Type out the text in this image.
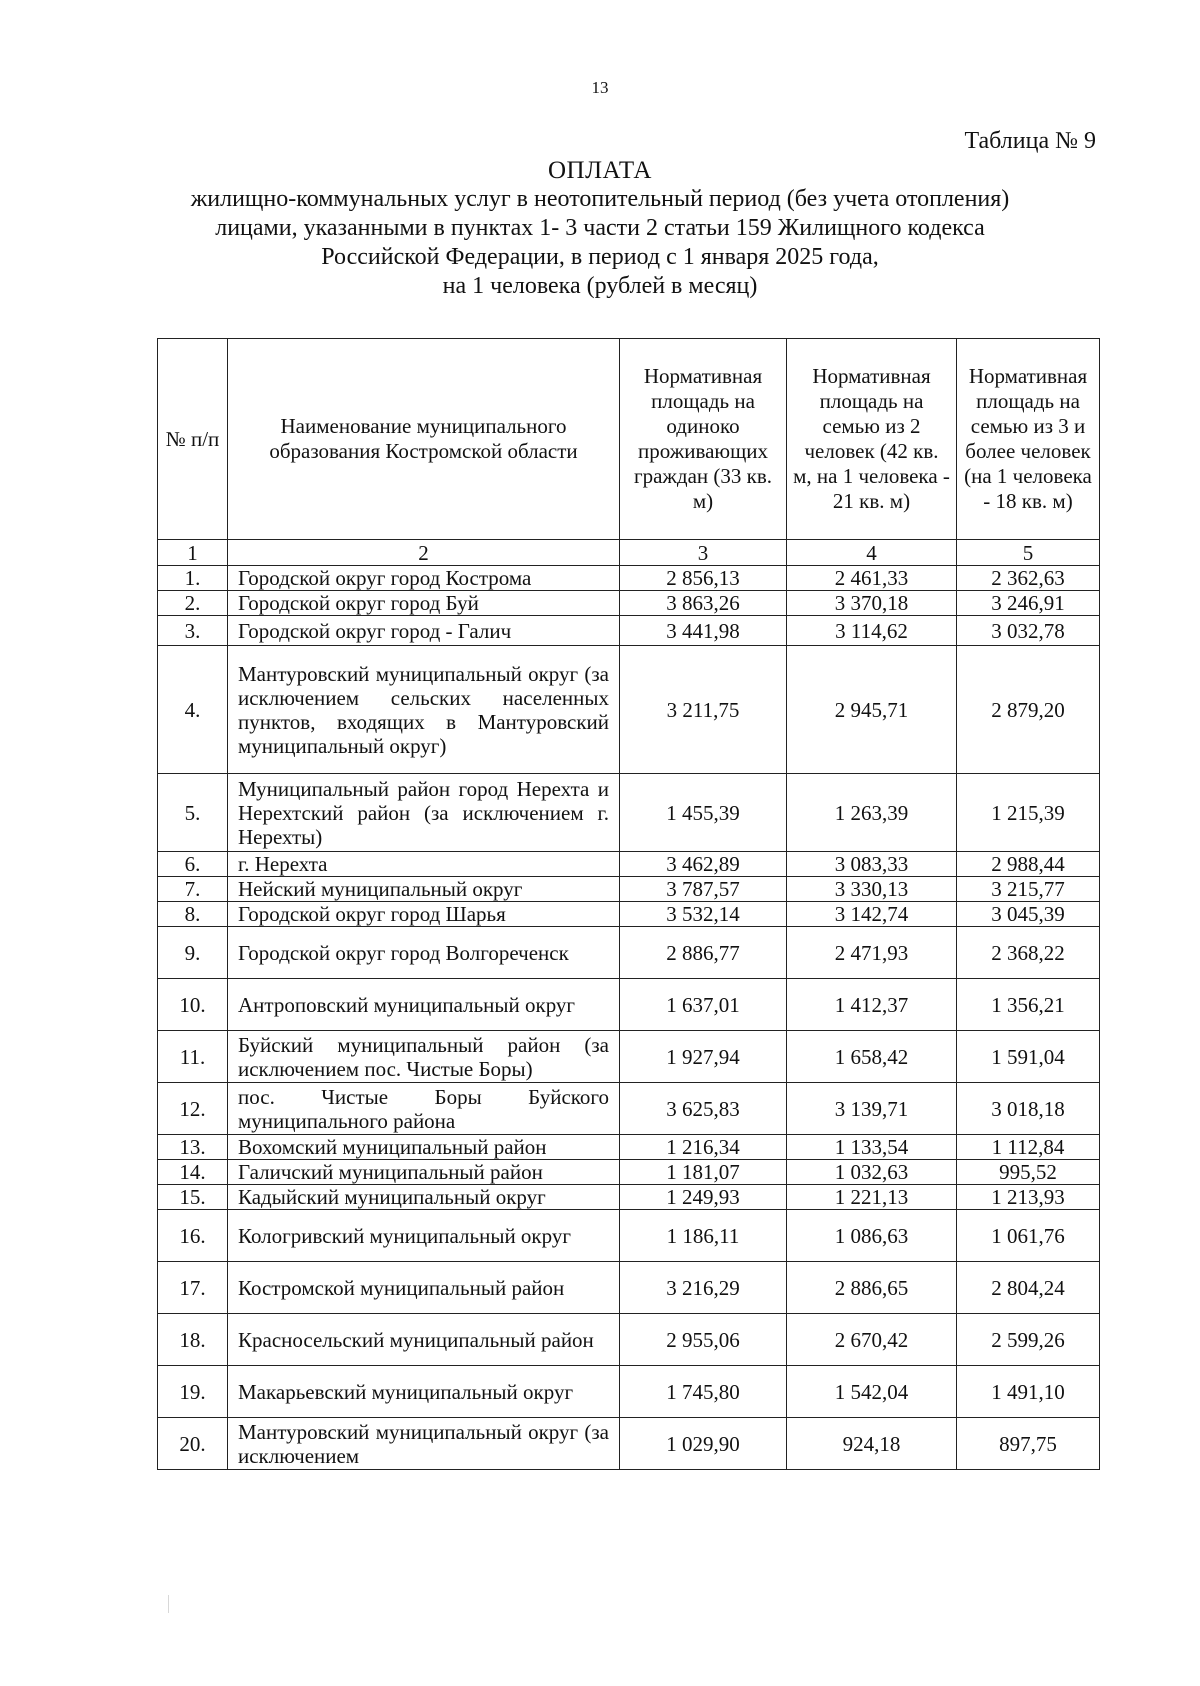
13
Таблица № 9
ОПЛАТА
жилищно-коммунальных услуг в неотопительный период (без учета отопления)
лицами, указанными в пунктах 1- 3 части 2 статьи 159 Жилищного кодекса
Российской Федерации, в период с 1 января 2025 года,
на 1 человека (рублей в месяц)
№ п/п	Наименование муниципального образования Костромской области	Нормативная площадь на одиноко проживающих граждан (33 кв. м)	Нормативная площадь на семью из 2 человек (42 кв. м, на 1 человека - 21 кв. м)	Нормативная площадь на семью из 3 и более человек (на 1 человека - 18 кв. м)
1	2	3	4	5
1.	Городской округ город Кострома	2 856,13	2 461,33	2 362,63
2.	Городской округ город Буй	3 863,26	3 370,18	3 246,91
3.	Городской округ город - Галич	3 441,98	3 114,62	3 032,78
4.	Мантуровский муниципальный округ (за исключением сельских населенных пунктов, входящих в Мантуровский муниципальный округ)	3 211,75	2 945,71	2 879,20
5.	Муниципальный район город Нерехта и Нерехтский район (за исключением г. Нерехты)	1 455,39	1 263,39	1 215,39
6.	г. Нерехта	3 462,89	3 083,33	2 988,44
7.	Нейский муниципальный округ	3 787,57	3 330,13	3 215,77
8.	Городской округ город Шарья	3 532,14	3 142,74	3 045,39
9.	Городской округ город Волгореченск	2 886,77	2 471,93	2 368,22
10.	Антроповский муниципальный округ	1 637,01	1 412,37	1 356,21
11.	Буйский муниципальный район (за исключением пос. Чистые Боры)	1 927,94	1 658,42	1 591,04
12.	пос. Чистые Боры Буйского муниципального района	3 625,83	3 139,71	3 018,18
13.	Вохомский муниципальный район	1 216,34	1 133,54	1 112,84
14.	Галичский муниципальный район	1 181,07	1 032,63	995,52
15.	Кадыйский муниципальный округ	1 249,93	1 221,13	1 213,93
16.	Кологривский муниципальный округ	1 186,11	1 086,63	1 061,76
17.	Костромской муниципальный район	3 216,29	2 886,65	2 804,24
18.	Красносельский муниципальный район	2 955,06	2 670,42	2 599,26
19.	Макарьевский муниципальный округ	1 745,80	1 542,04	1 491,10
20.	Мантуровский муниципальный округ (за исключением	1 029,90	924,18	897,75
